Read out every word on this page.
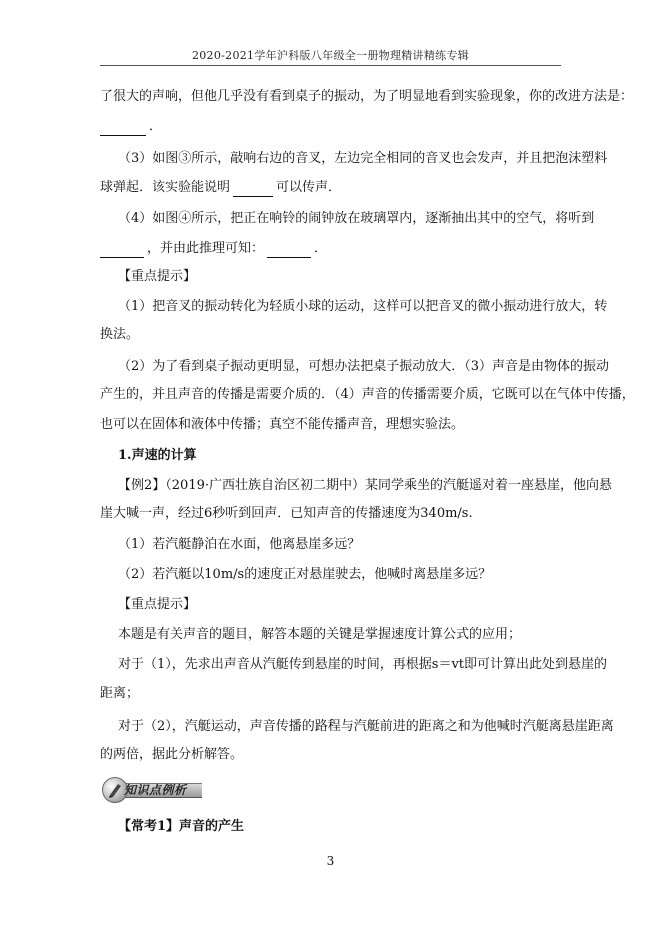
2020-2021学年沪科版八年级全一册物理精讲精练专辑
了很大的声响，但他几乎没有看到桌子的振动，为了明显地看到实验现象，你的改进方法是：
．
（3）如图③所示，敲响右边的音叉，左边完全相同的音叉也会发声，并且把泡沫塑料
球弹起．该实验能说明	可以传声．
（4）如图④所示，把正在响铃的闹钟放在玻璃罩内，逐渐抽出其中的空气，将听到
，并由此推理可知：	．
【重点提示】
（1）把音叉的振动转化为轻质小球的运动，这样可以把音叉的微小振动进行放大，转
换法。
（2）为了看到桌子振动更明显，可想办法把桌子振动放大．（3）声音是由物体的振动
产生的，并且声音的传播是需要介质的．（4）声音的传播需要介质，它既可以在气体中传播，
也可以在固体和液体中传播；真空不能传播声音，理想实验法。
1.声速的计算
【例2】（2019·广西壮族自治区初二期中）某同学乘坐的汽艇遥对着一座悬崖，他向悬
崖大喊一声，经过6秒听到回声．已知声音的传播速度为340m/s.
（1）若汽艇静泊在水面，他离悬崖多远？
（2）若汽艇以10m/s的速度正对悬崖驶去，他喊时离悬崖多远？
【重点提示】
本题是有关声音的题目，解答本题的关键是掌握速度计算公式的应用；
对于（1），先求出声音从汽艇传到悬崖的时间，再根据s＝vt即可计算出此处到悬崖的
距离；
对于（2），汽艇运动，声音传播的路程与汽艇前进的距离之和为他喊时汽艇离悬崖距离
的两倍，据此分析解答。
知识点例析
【常考1】声音的产生
3
